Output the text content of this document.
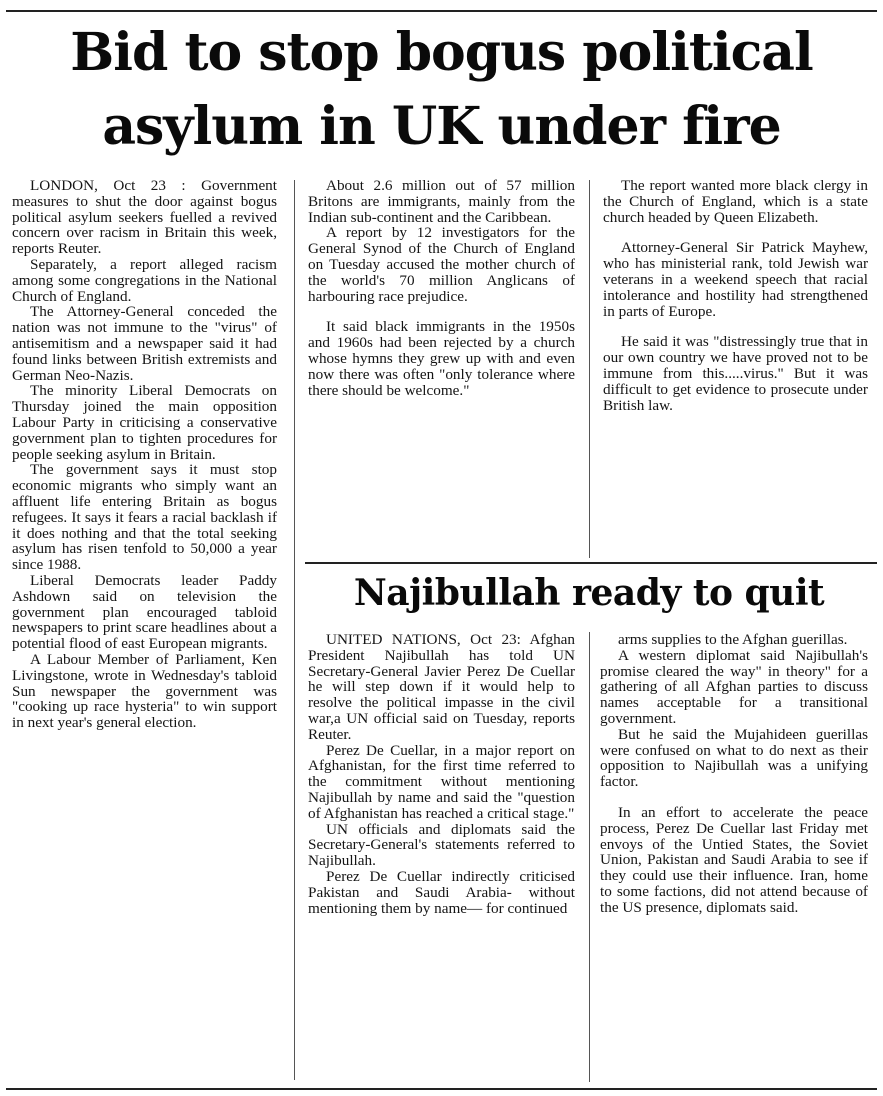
Bid to stop bogus political
asylum in UK under fire

LONDON, Oct 23 : Government measures to shut the door against bogus political asylum seekers fuelled a revived concern over racism in Britain this week, reports Reuter.

Separately, a report alleged racism among some congregations in the National Church of England.

The Attorney-General conceded the nation was not immune to the "virus" of antisemitism and a newspaper said it had found links between British extremists and German Neo-Nazis.

The minority Liberal Democrats on Thursday joined the main opposition Labour Party in criticising a conservative government plan to tighten procedures for people seeking asylum in Britain.

The government says it must stop economic migrants who simply want an affluent life entering Britain as bogus refugees. It says it fears a racial backlash if it does nothing and that the total seeking asylum has risen tenfold to 50,000 a year since 1988.

Liberal Democrats leader Paddy Ashdown said on television the government plan encouraged tabloid newspapers to print scare headlines about a potential flood of east European migrants.

A Labour Member of Parliament, Ken Livingstone, wrote in Wednesday's tabloid Sun newspaper the government was "cooking up race hysteria" to win support in next year's general election.

About 2.6 million out of 57 million Britons are immigrants, mainly from the Indian sub-continent and the Caribbean.

A report by 12 investigators for the General Synod of the Church of England on Tuesday accused the mother church of the world's 70 million Anglicans of harbouring race prejudice.

It said black immigrants in the 1950s and 1960s had been rejected by a church whose hymns they grew up with and even now there was often "only tolerance where there should be welcome."

The report wanted more black clergy in the Church of England, which is a state church headed by Queen Elizabeth.

Attorney-General Sir Patrick Mayhew, who has ministerial rank, told Jewish war veterans in a weekend speech that racial intolerance and hostility had strengthened in parts of Europe.

He said it was "distressingly true that in our own country we have proved not to be immune from this.....virus." But it was difficult to get evidence to prosecute under British law.

Najibullah ready to quit

UNITED NATIONS, Oct 23: Afghan President Najibullah has told UN Secretary-General Javier Perez De Cuellar he will step down if it would help to resolve the political impasse in the civil war,a UN official said on Tuesday, reports Reuter.

Perez De Cuellar, in a major report on Afghanistan, for the first time referred to the commitment without mentioning Najibullah by name and said the "question of Afghanistan has reached a critical stage."

UN officials and diplomats said the Secretary-General's statements referred to Najibullah.

Perez De Cuellar indirectly criticised Pakistan and Saudi Arabia- without mentioning them by name— for continued

arms supplies to the Afghan guerillas.

A western diplomat said Najibullah's promise cleared the way" in theory" for a gathering of all Afghan parties to discuss names acceptable for a transitional government.

But he said the Mujahideen guerillas were confused on what to do next as their opposition to Najibullah was a unifying factor.

In an effort to accelerate the peace process, Perez De Cuellar last Friday met envoys of the Untied States, the Soviet Union, Pakistan and Saudi Arabia to see if they could use their influence. Iran, home to some factions, did not attend because of the US presence, diplomats said.
